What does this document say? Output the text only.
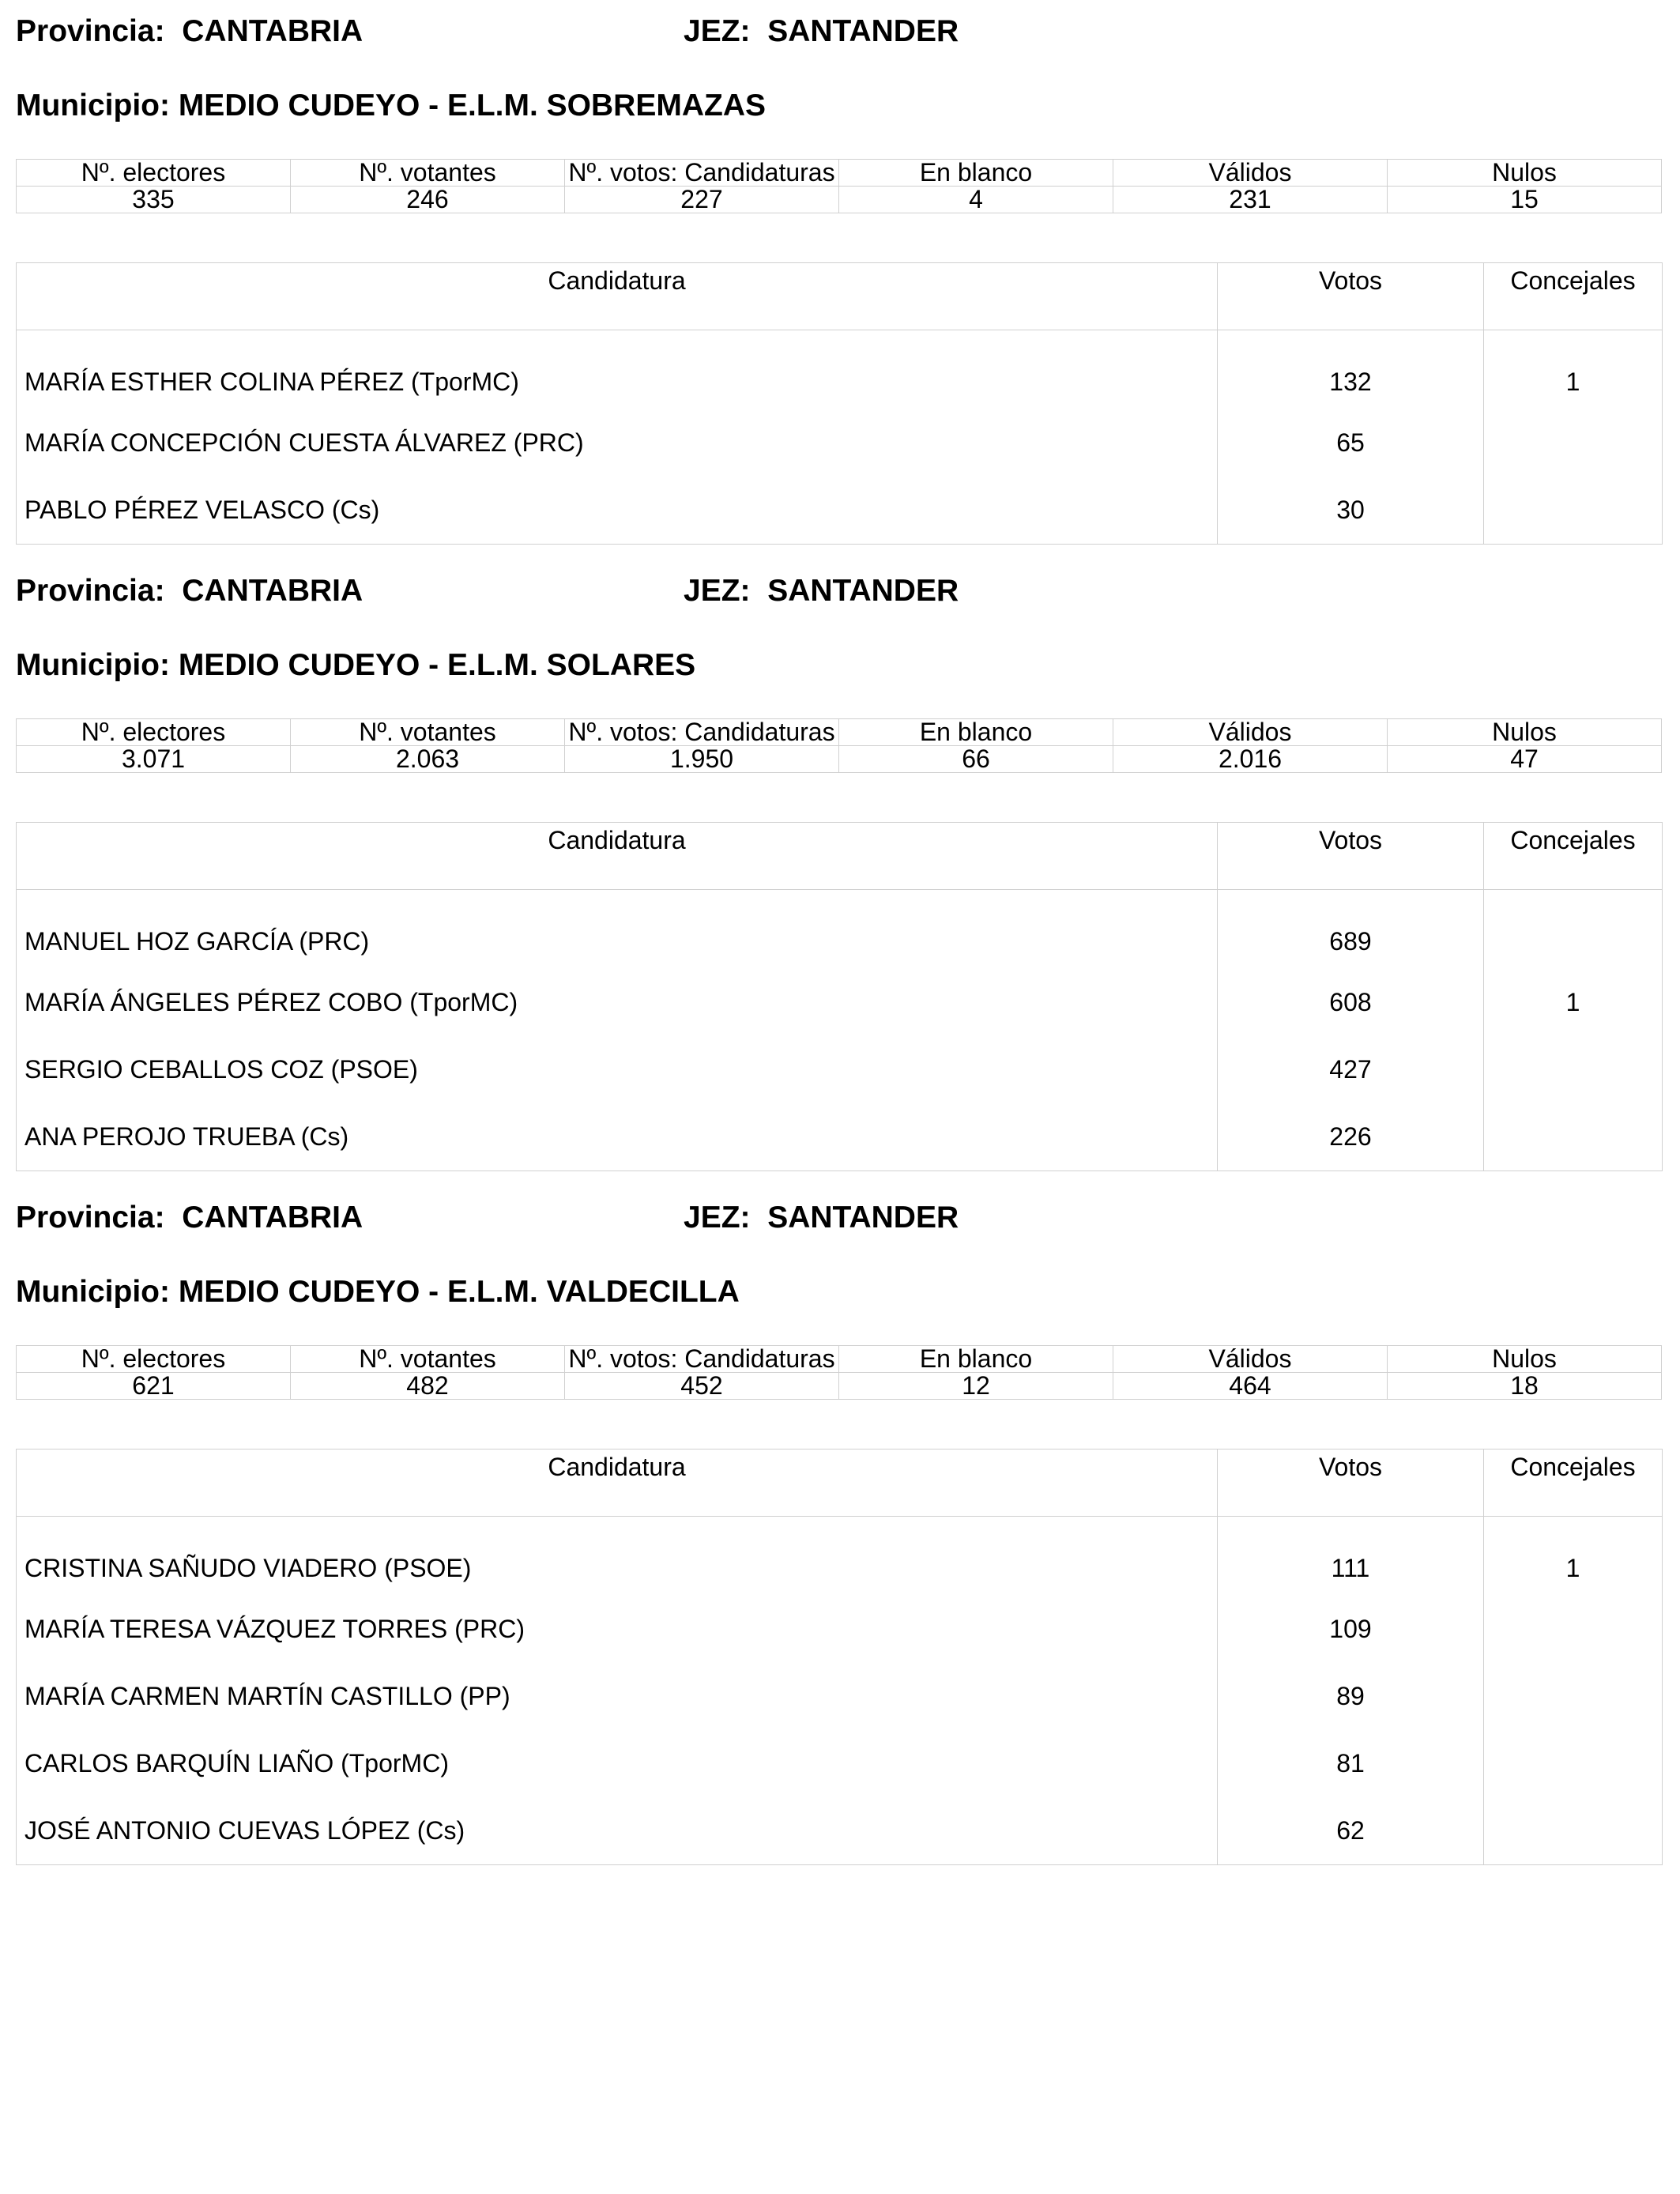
Provincia: CANTABRIA	JEZ: SANTANDER
Municipio: MEDIO CUDEYO - E.L.M. SOBREMAZAS
Nº. electores	Nº. votantes	Nº. votos: Candidaturas	En blanco	Válidos	Nulos
335	246	227	4	231	15
Candidatura	Votos	Concejales
MARÍA ESTHER COLINA PÉREZ (TporMC)	132	1
MARÍA CONCEPCIÓN CUESTA ÁLVAREZ (PRC)	65	
PABLO PÉREZ VELASCO (Cs)	30	
Provincia: CANTABRIA	JEZ: SANTANDER
Municipio: MEDIO CUDEYO - E.L.M. SOLARES
Nº. electores	Nº. votantes	Nº. votos: Candidaturas	En blanco	Válidos	Nulos
3.071	2.063	1.950	66	2.016	47
Candidatura	Votos	Concejales
MANUEL HOZ GARCÍA (PRC)	689	
MARÍA ÁNGELES PÉREZ COBO (TporMC)	608	1
SERGIO CEBALLOS COZ (PSOE)	427	
ANA PEROJO TRUEBA (Cs)	226	
Provincia: CANTABRIA	JEZ: SANTANDER
Municipio: MEDIO CUDEYO - E.L.M. VALDECILLA
Nº. electores	Nº. votantes	Nº. votos: Candidaturas	En blanco	Válidos	Nulos
621	482	452	12	464	18
Candidatura	Votos	Concejales
CRISTINA SAÑUDO VIADERO (PSOE)	111	1
MARÍA TERESA VÁZQUEZ TORRES (PRC)	109	
MARÍA CARMEN MARTÍN CASTILLO (PP)	89	
CARLOS BARQUÍN LIAÑO (TporMC)	81	
JOSÉ ANTONIO CUEVAS LÓPEZ (Cs)	62	
